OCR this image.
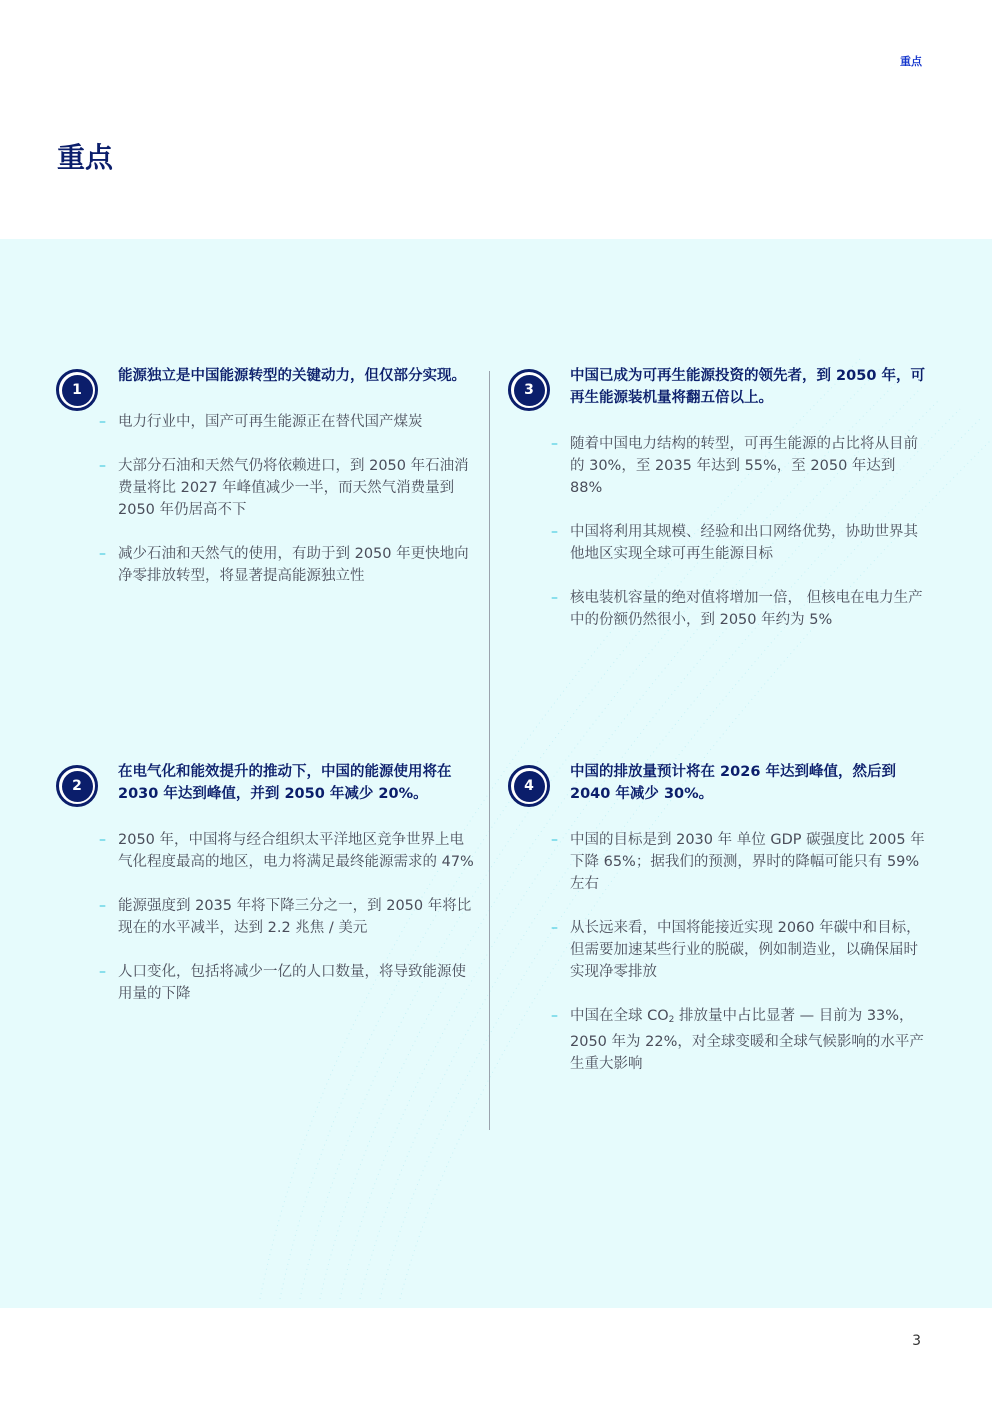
重点
重点
1
能源独立是中国能源转型的关键动力，但仅部分实现。
– 电力行业中，国产可再生能源正在替代国产煤炭
– 大部分石油和天然气仍将依赖进口，到 2050 年石油消费量将比 2027 年峰值减少一半，而天然气消费量到 2050 年仍居高不下
– 减少石油和天然气的使用，有助于到 2050 年更快地向净零排放转型，将显著提高能源独立性
2
在电气化和能效提升的推动下，中国的能源使用将在 2030 年达到峰值，并到 2050 年减少 20%。
– 2050 年，中国将与经合组织太平洋地区竞争世界上电气化程度最高的地区，电力将满足最终能源需求的 47%
– 能源强度到 2035 年将下降三分之一，到 2050 年将比现在的水平减半，达到 2.2 兆焦 / 美元
– 人口变化，包括将减少一亿的人口数量，将导致能源使用量的下降
3
中国已成为可再生能源投资的领先者，到 2050 年，可再生能源装机量将翻五倍以上。
– 随着中国电力结构的转型，可再生能源的占比将从目前的 30%，至 2035 年达到 55%，至 2050 年达到 88%
– 中国将利用其规模、经验和出口网络优势，协助世界其他地区实现全球可再生能源目标
– 核电装机容量的绝对值将增加一倍， 但核电在电力生产中的份额仍然很小，到 2050 年约为 5%
4
中国的排放量预计将在 2026 年达到峰值，然后到 2040 年减少 30%。
– 中国的目标是到 2030 年 单位 GDP 碳强度比 2005 年下降 65%；据我们的预测，界时的降幅可能只有 59% 左右
– 从长远来看，中国将能接近实现 2060 年碳中和目标，但需要加速某些行业的脱碳，例如制造业，以确保届时实现净零排放
– 中国在全球 $CO_2$ 排放量中占比显著 — 目前为 33%，2050 年为 22%，对全球变暖和全球气候影响的水平产生重大影响
3
